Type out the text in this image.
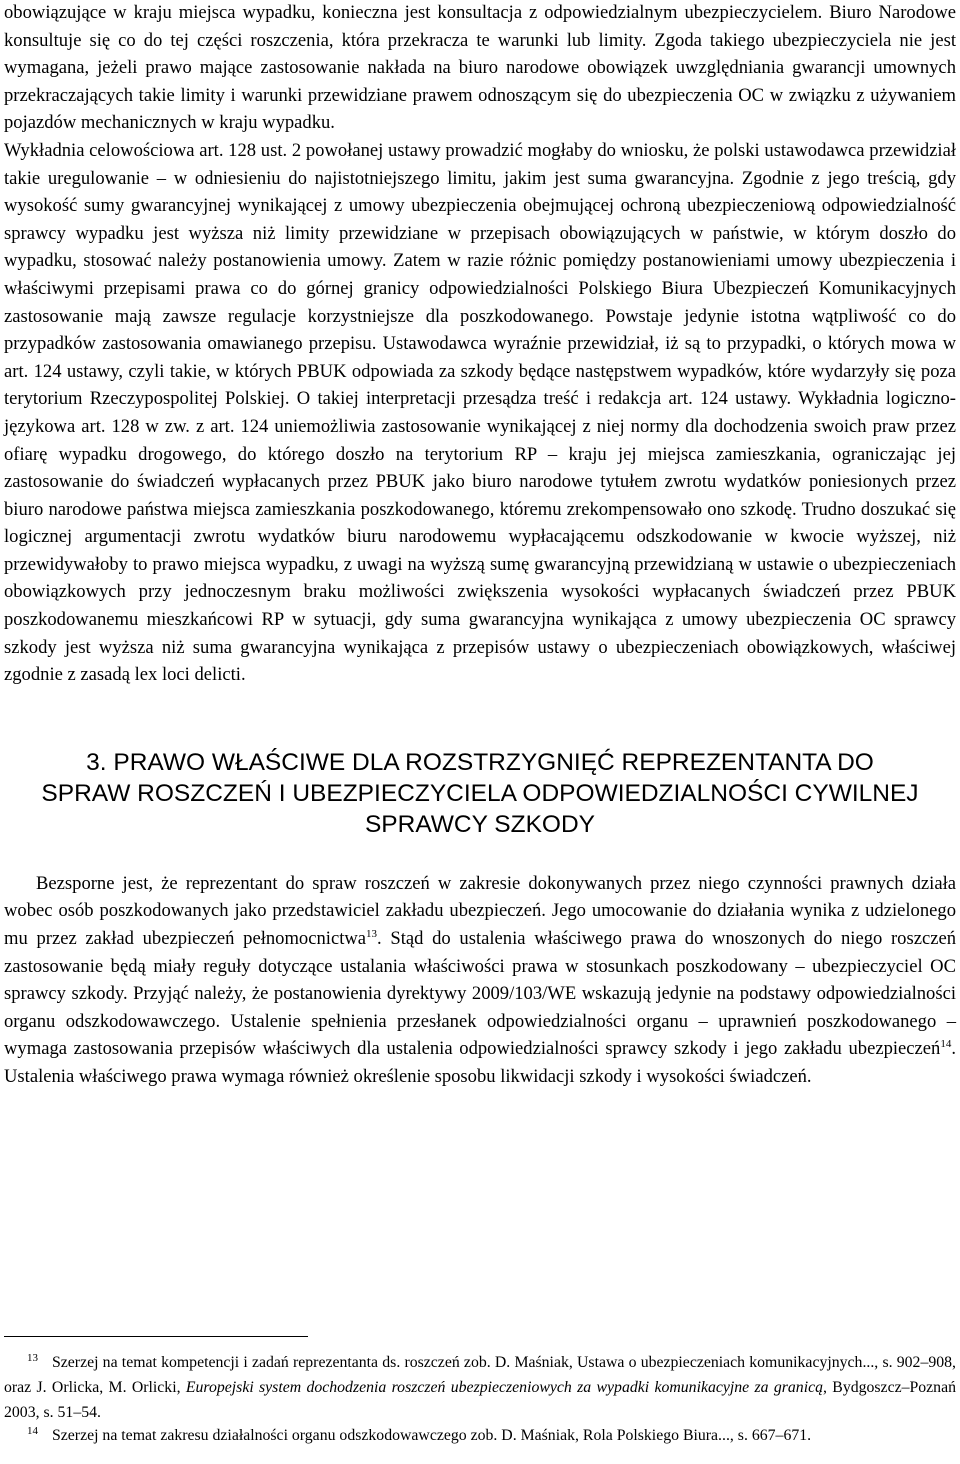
obowiązujące w kraju miejsca wypadku, konieczna jest konsultacja z odpowiedzialnym ubezpieczycielem. Biuro Narodowe konsultuje się co do tej części roszczenia, która przekracza te warunki lub limity. Zgoda takiego ubezpieczyciela nie jest wymagana, jeżeli prawo mające zastosowanie nakłada na biuro narodowe obowiązek uwzględniania gwarancji umownych przekraczających takie limity i warunki przewidziane prawem odnoszącym się do ubezpieczenia OC w związku z używaniem pojazdów mechanicznych w kraju wypadku.

Wykładnia celowościowa art. 128 ust. 2 powołanej ustawy prowadzić mogłaby do wniosku, że polski ustawodawca przewidział takie uregulowanie – w odniesieniu do najistotniejszego limitu, jakim jest suma gwarancyjna. Zgodnie z jego treścią, gdy wysokość sumy gwarancyjnej wynikającej z umowy ubezpieczenia obejmującej ochroną ubezpieczeniową odpowiedzialność sprawcy wypadku jest wyższa niż limity przewidziane w przepisach obowiązujących w państwie, w którym doszło do wypadku, stosować należy postanowienia umowy. Zatem w razie różnic pomiędzy postanowieniami umowy ubezpieczenia i właściwymi przepisami prawa co do górnej granicy odpowiedzialności Polskiego Biura Ubezpieczeń Komunikacyjnych zastosowanie mają zawsze regulacje korzystniejsze dla poszkodowanego. Powstaje jedynie istotna wątpliwość co do przypadków zastosowania omawianego przepisu. Ustawodawca wyraźnie przewidział, iż są to przypadki, o których mowa w art. 124 ustawy, czyli takie, w których PBUK odpowiada za szkody będące następstwem wypadków, które wydarzyły się poza terytorium Rzeczypospolitej Polskiej. O takiej interpretacji przesądza treść i redakcja art. 124 ustawy. Wykładnia logiczno-językowa art. 128 w zw. z art. 124 uniemożliwia zastosowanie wynikającej z niej normy dla dochodzenia swoich praw przez ofiarę wypadku drogowego, do którego doszło na terytorium RP – kraju jej miejsca zamieszkania, ograniczając jej zastosowanie do świadczeń wypłacanych przez PBUK jako biuro narodowe tytułem zwrotu wydatków poniesionych przez biuro narodowe państwa miejsca zamieszkania poszkodowanego, któremu zrekompensowało ono szkodę. Trudno doszukać się logicznej argumentacji zwrotu wydatków biuru narodowemu wypłacającemu odszkodowanie w kwocie wyższej, niż przewidywałoby to prawo miejsca wypadku, z uwagi na wyższą sumę gwarancyjną przewidzianą w ustawie o ubezpieczeniach obowiązkowych przy jednoczesnym braku możliwości zwiększenia wysokości wypłacanych świadczeń przez PBUK poszkodowanemu mieszkańcowi RP w sytuacji, gdy suma gwarancyjna wynikająca z umowy ubezpieczenia OC sprawcy szkody jest wyższa niż suma gwarancyjna wynikająca z przepisów ustawy o ubezpieczeniach obowiązkowych, właściwej zgodnie z zasadą lex loci delicti.

3. PRAWO WŁAŚCIWE DLA ROZSTRZYGNIĘĆ REPREZENTANTA DO
SPRAW ROSZCZEŃ I UBEZPIECZYCIELA ODPOWIEDZIALNOŚCI CYWILNEJ
SPRAWCY SZKODY

Bezsporne jest, że reprezentant do spraw roszczeń w zakresie dokonywanych przez niego czynności prawnych działa wobec osób poszkodowanych jako przedstawiciel zakładu ubezpieczeń. Jego umocowanie do działania wynika z udzielonego mu przez zakład ubezpieczeń pełnomocnictwa$^{13}$. Stąd do ustalenia właściwego prawa do wnoszonych do niego roszczeń zastosowanie będą miały reguły dotyczące ustalania właściwości prawa w stosunkach poszkodowany – ubezpieczyciel OC sprawcy szkody. Przyjąć należy, że postanowienia dyrektywy 2009/103/WE wskazują jedynie na podstawy odpowiedzialności organu odszkodowawczego. Ustalenie spełnienia przesłanek odpowiedzialności organu – uprawnień poszkodowanego – wymaga zastosowania przepisów właściwych dla ustalenia odpowiedzialności sprawcy szkody i jego zakładu ubezpieczeń$^{14}$. Ustalenia właściwego prawa wymaga również określenie sposobu likwidacji szkody i wysokości świadczeń.

13 Szerzej na temat kompetencji i zadań reprezentanta ds. roszczeń zob. D. Maśniak, Ustawa o ubezpieczeniach komunikacyjnych..., s. 902–908, oraz J. Orlicka, M. Orlicki, Europejski system dochodzenia roszczeń ubezpieczeniowych za wypadki komunikacyjne za granicą, Bydgoszcz–Poznań 2003, s. 51–54.

14 Szerzej na temat zakresu działalności organu odszkodowawczego zob. D. Maśniak, Rola Polskiego Biura..., s. 667–671.
